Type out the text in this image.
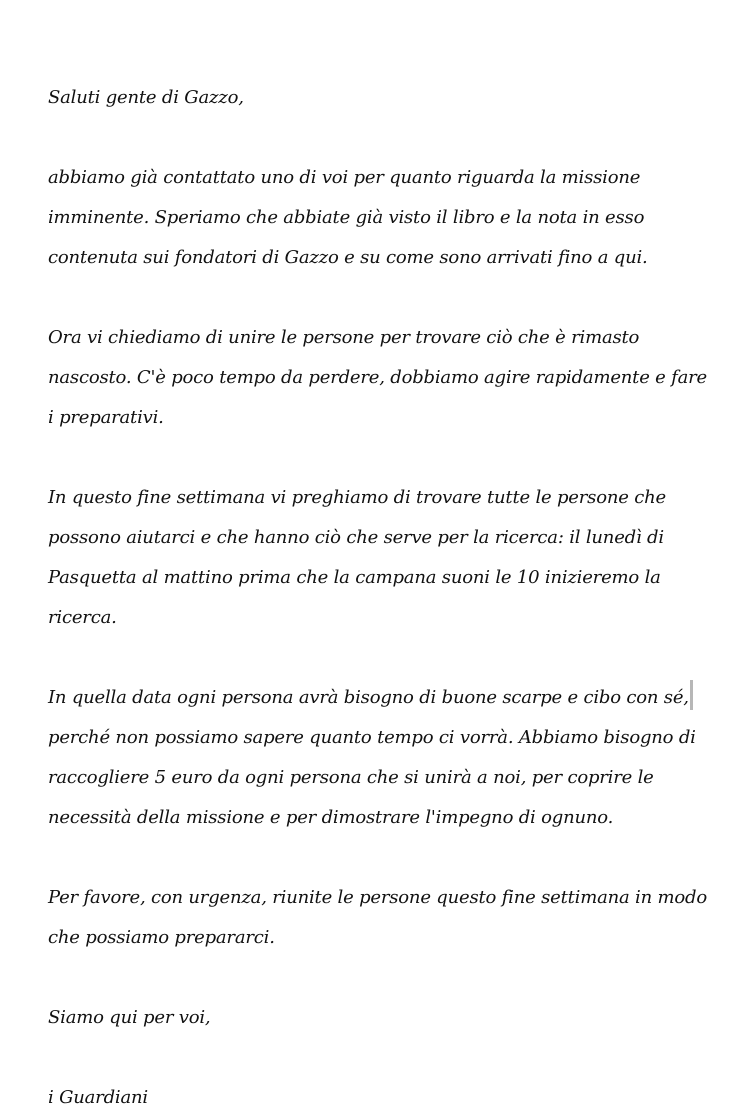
Saluti gente di Gazzo,

abbiamo già contattato uno di voi per quanto riguarda la missione imminente. Speriamo che abbiate già visto il libro e la nota in esso contenuta sui fondatori di Gazzo e su come sono arrivati fino a qui.

Ora vi chiediamo di unire le persone per trovare ciò che è rimasto nascosto. C'è poco tempo da perdere, dobbiamo agire rapidamente e fare i preparativi.

In questo fine settimana vi preghiamo di trovare tutte le persone che possono aiutarci e che hanno ciò che serve per la ricerca: il lunedì di Pasquetta al mattino prima che la campana suoni le 10 inizieremo la ricerca.

In quella data ogni persona avrà bisogno di buone scarpe e cibo con sé, perché non possiamo sapere quanto tempo ci vorrà. Abbiamo bisogno di raccogliere 5 euro da ogni persona che si unirà a noi, per coprire le necessità della missione e per dimostrare l'impegno di ognuno.

Per favore, con urgenza, riunite le persone questo fine settimana in modo che possiamo prepararci.

Siamo qui per voi,

i Guardiani
